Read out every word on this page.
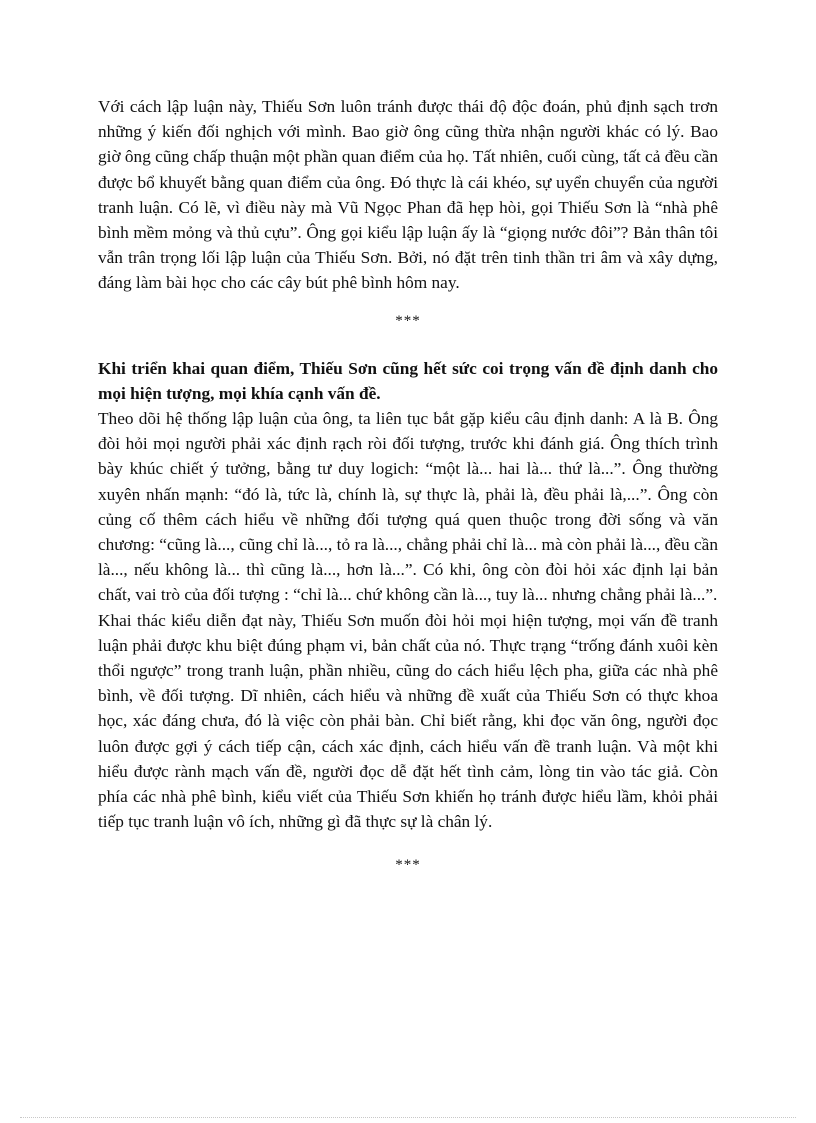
Với cách lập luận này, Thiếu Sơn luôn tránh được thái độ độc đoán, phủ định sạch trơn những ý kiến đối nghịch với mình. Bao giờ ông cũng thừa nhận người khác có lý. Bao giờ ông cũng chấp thuận một phần quan điểm của họ. Tất nhiên, cuối cùng, tất cả đều cần được bổ khuyết bằng quan điểm của ông. Đó thực là cái khéo, sự uyển chuyển của người tranh luận. Có lẽ, vì điều này mà Vũ Ngọc Phan đã hẹp hòi, gọi Thiếu Sơn là “nhà phê bình mềm mỏng và thủ cựu”. Ông gọi kiểu lập luận ấy là “giọng nước đôi”? Bản thân tôi vẫn trân trọng lối lập luận của Thiếu Sơn. Bởi, nó đặt trên tinh thần tri âm và xây dựng, đáng làm bài học cho các cây bút phê bình hôm nay.

***

Khi triển khai quan điểm, Thiếu Sơn cũng hết sức coi trọng vấn đề định danh cho mọi hiện tượng, mọi khía cạnh vấn đề.

Theo dõi hệ thống lập luận của ông, ta liên tục bắt gặp kiểu câu định danh: A là B. Ông đòi hỏi mọi người phải xác định rạch ròi đối tượng, trước khi đánh giá. Ông thích trình bày khúc chiết ý tưởng, bằng tư duy logich: “một là... hai là... thứ là...”. Ông thường xuyên nhấn mạnh: “đó là, tức là, chính là, sự thực là, phải là, đều phải là,...”. Ông còn củng cố thêm cách hiểu về những đối tượng quá quen thuộc trong đời sống và văn chương: “cũng là..., cũng chỉ là..., tỏ ra là..., chẳng phải chỉ là... mà còn phải là..., đều cần là..., nếu không là... thì cũng là..., hơn là...”. Có khi, ông còn đòi hỏi xác định lại bản chất, vai trò của đối tượng : “chỉ là... chứ không cần là..., tuy là... nhưng chẳng phải là...”.

Khai thác kiểu diễn đạt này, Thiếu Sơn muốn đòi hỏi mọi hiện tượng, mọi vấn đề tranh luận phải được khu biệt đúng phạm vi, bản chất của nó. Thực trạng “trống đánh xuôi kèn thổi ngược” trong tranh luận, phần nhiều, cũng do cách hiểu lệch pha, giữa các nhà phê bình, về đối tượng. Dĩ nhiên, cách hiểu và những đề xuất của Thiếu Sơn có thực khoa học, xác đáng chưa, đó là việc còn phải bàn. Chỉ biết rằng, khi đọc văn ông, người đọc luôn được gợi ý cách tiếp cận, cách xác định, cách hiểu vấn đề tranh luận. Và một khi hiểu được rành mạch vấn đề, người đọc dễ đặt hết tình cảm, lòng tin vào tác giả. Còn phía các nhà phê bình, kiểu viết của Thiếu Sơn khiến họ tránh được hiểu lầm, khỏi phải tiếp tục tranh luận vô ích, những gì đã thực sự là chân lý.

***
